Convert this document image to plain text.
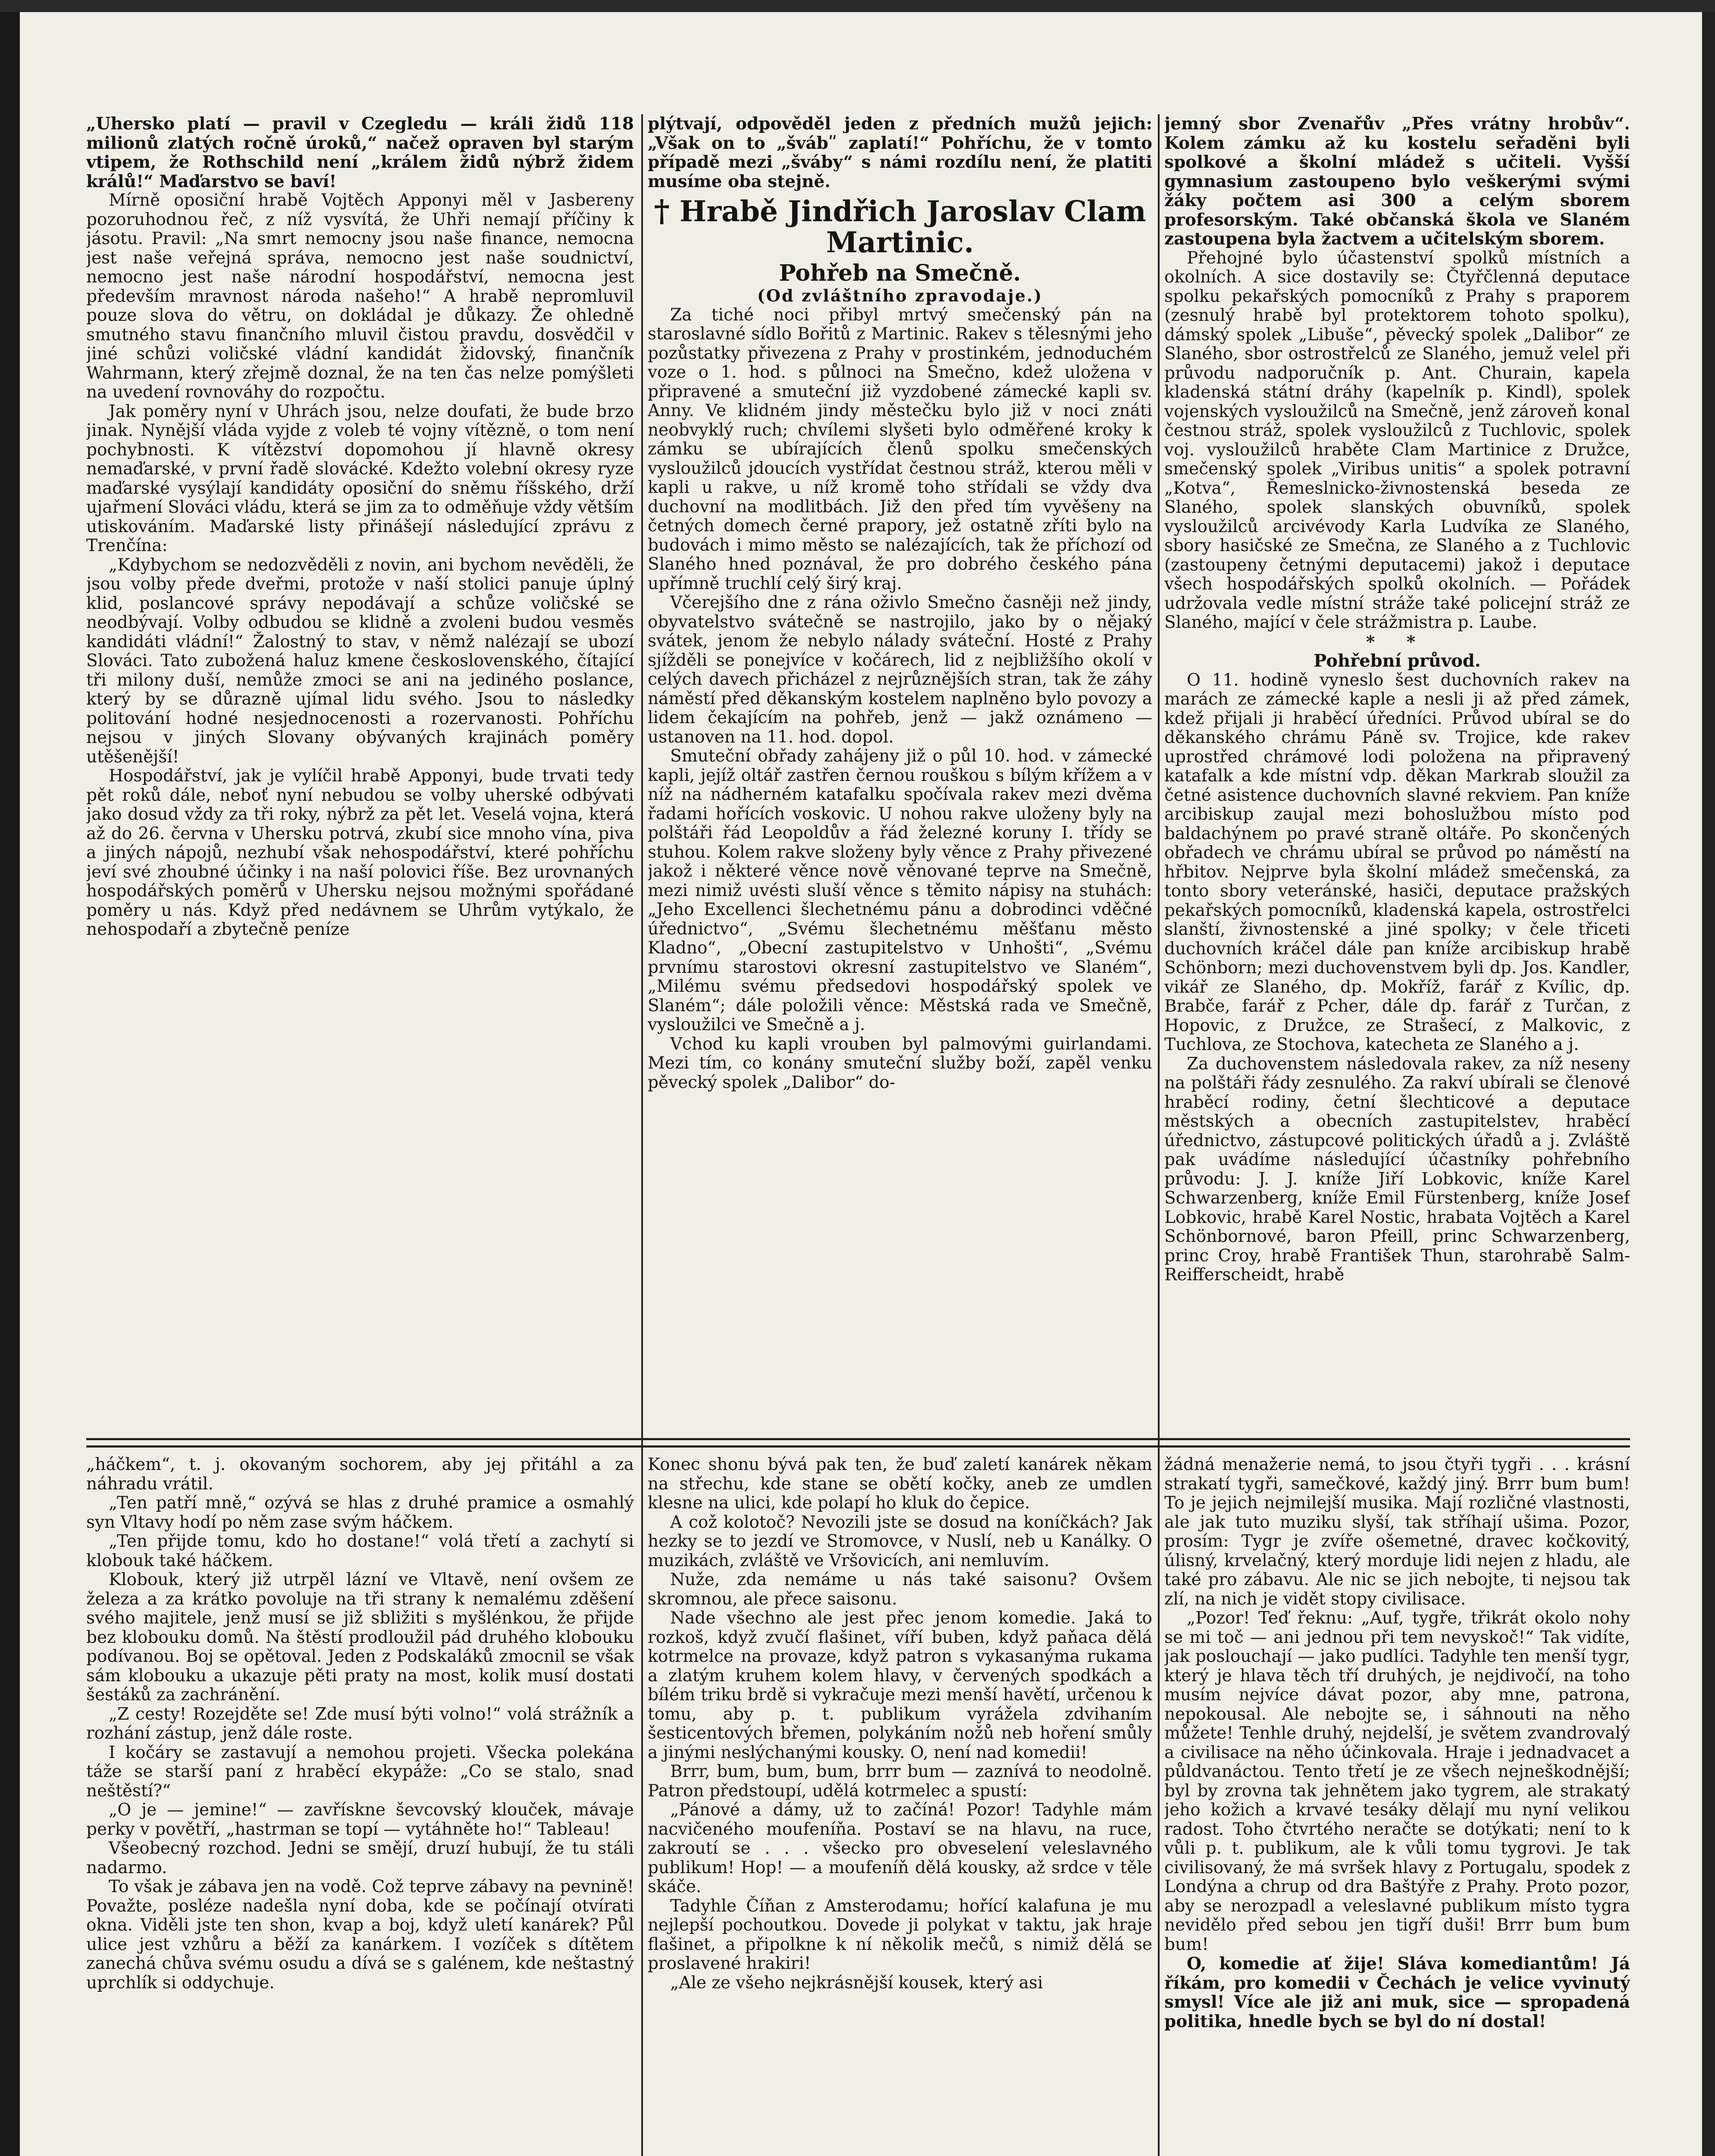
„Uhersko platí — pravil v Czegledu — králi židů 118 milionů zlatých ročně úroků,“ načež opraven byl starým vtipem, že Rothschild není „králem židů nýbrž židem králů!“ Maďarstvo se baví!

Mírně oposiční hrabě Vojtěch Apponyi měl v Jasbereny pozoruhodnou řeč, z níž vysvítá, že Uhři nemají příčiny k jásotu. Pravil: „Na smrt nemocny jsou naše finance, nemocna jest naše veřejná správa, nemocno jest naše soudnictví, nemocno jest naše národní hospodářství, nemocna jest především mravnost národa našeho!“ A hrabě nepromluvil pouze slova do větru, on dokládal je důkazy. Že ohledně smutného stavu finančního mluvil čistou pravdu, dosvědčil v jiné schůzi voličské vládní kandidát židovský, finančník Wahrmann, který zřejmě doznal, že na ten čas nelze pomýšleti na uvedení rovnováhy do rozpočtu.

Jak poměry nyní v Uhrách jsou, nelze doufati, že bude brzo jinak. Nynější vláda vyjde z voleb té vojny vítězně, o tom není pochybnosti. K vítězství dopomohou jí hlavně okresy nemaďarské, v první řadě slovácké. Kdežto volební okresy ryze maďarské vysýlají kandidáty oposiční do sněmu říšského, drží ujařmení Slováci vládu, která se jim za to odměňuje vždy větším utiskováním. Maďarské listy přinášejí následující zprávu z Trenčína:

„Kdybychom se nedozvěděli z novin, ani bychom nevěděli, že jsou volby přede dveřmi, protože v naší stolici panuje úplný klid, poslancové správy nepodávají a schůze voličské se neodbývají. Volby odbudou se klidně a zvoleni budou vesměs kandidáti vládní!“ Žalostný to stav, v němž nalézají se ubozí Slováci. Tato zubožená haluz kmene československého, čítající tři milony duší, nemůže zmoci se ani na jediného poslance, který by se důrazně ujímal lidu svého. Jsou to následky politování hodné nesjednocenosti a rozervanosti. Pohříchu nejsou v jiných Slovany obývaných krajinách poměry utěšenější!

Hospodářství, jak je vylíčil hrabě Apponyi, bude trvati tedy pět roků dále, neboť nyní nebudou se volby uherské odbývati jako dosud vždy za tři roky, nýbrž za pět let. Veselá vojna, která až do 26. června v Uhersku potrvá, zkubí sice mnoho vína, piva a jiných nápojů, nezhubí však nehospodářství, které pohříchu jeví své zhoubné účinky i na naší polovici říše. Bez urovnaných hospodářských poměrů v Uhersku nejsou možnými spořádané poměry u nás. Když před nedávnem se Uhrům vytýkalo, že nehospodaří a zbytečně peníze

plýtvají, odpověděl jeden z předních mužů jejich: „Však on to „švábʺ zaplatí!“ Pohříchu, že v tomto případě mezi „šváby“ s námi rozdílu není, že platiti musíme oba stejně.

† Hrabě Jindřich Jaroslav Clam Martinic.

Pohřeb na Smečně.

(Od zvláštního zpravodaje.)

Za tiché noci přibyl mrtvý smečenský pán na staroslavné sídlo Bořitů z Martinic. Rakev s tělesnými jeho pozůstatky přivezena z Prahy v prostinkém, jednoduchém voze o 1. hod. s půlnoci na Smečno, kdež uložena v připravené a smuteční již vyzdobené zámecké kapli sv. Anny. Ve klidném jindy městečku bylo již v noci znáti neobvyklý ruch; chvílemi slyšeti bylo odměřené kroky k zámku se ubírajících členů spolku smečenských vysloužilců jdoucích vystřídat čestnou stráž, kterou měli v kapli u rakve, u níž kromě toho střídali se vždy dva duchovní na modlitbách. Již den před tím vyvěšeny na četných domech černé prapory, jež ostatně zříti bylo na budovách i mimo město se nalézajících, tak že příchozí od Slaného hned poznával, že pro dobrého českého pána upřímně truchlí celý širý kraj.

Včerejšího dne z rána oživlo Smečno časněji než jindy, obyvatelstvo svátečně se nastrojilo, jako by o nějaký svátek, jenom že nebylo nálady sváteční. Hosté z Prahy sjížděli se ponejvíce v kočárech, lid z nejbližšího okolí v celých davech přicházel z nejrůznějších stran, tak že záhy náměstí před děkanským kostelem naplněno bylo povozy a lidem čekajícím na pohřeb, jenž — jakž oznámeno — ustanoven na 11. hod. dopol.

Smuteční obřady zahájeny již o půl 10. hod. v zámecké kapli, jejíž oltář zastřen černou rouškou s bílým křížem a v níž na nádherném katafalku spočívala rakev mezi dvěma řadami hořících voskovic. U nohou rakve uloženy byly na polštáři řád Leopoldův a řád železné koruny I. třídy se stuhou. Kolem rakve složeny byly věnce z Prahy přivezené jakož i některé věnce nově věnované teprve na Smečně, mezi nimiž uvésti sluší věnce s těmito nápisy na stuhách: „Jeho Excellenci šlechetnému pánu a dobrodinci vděčné úřednictvo“, „Svému šlechetnému měšťanu město Kladno“, „Obecní zastupitelstvo v Unhošti“, „Svému prvnímu starostovi okresní zastupitelstvo ve Slaném“, „Milému svému předsedovi hospodářský spolek ve Slaném“; dále položili věnce: Městská rada ve Smečně, vysloužilci ve Smečně a j.

Vchod ku kapli vrouben byl palmovými guirlandami. Mezi tím, co konány smuteční služby boží, zapěl venku pěvecký spolek „Dalibor“ do-

jemný sbor Zvenařův „Přes vrátny hrobův“. Kolem zámku až ku kostelu seřaděni byli spolkové a školní mládež s učiteli. Vyšší gymnasium zastoupeno bylo veškerými svými žáky počtem asi 300 a celým sborem profesorským. Také občanská škola ve Slaném zastoupena byla žactvem a učitelským sborem.

Přehojné bylo účastenství spolků místních a okolních. A sice dostavily se: Čtyřčlenná deputace spolku pekařských pomocníků z Prahy s praporem (zesnulý hrabě byl protektorem tohoto spolku), dámský spolek „Libuše“, pěvecký spolek „Dalibor“ ze Slaného, sbor ostrostřelců ze Slaného, jemuž velel při průvodu nadporučník p. Ant. Churain, kapela kladenská státní dráhy (kapelník p. Kindl), spolek vojenských vysloužilců na Smečně, jenž zároveň konal čestnou stráž, spolek vysloužilců z Tuchlovic, spolek voj. vysloužilců hraběte Clam Martinice z Družce, smečenský spolek „Viribus unitis“ a spolek potravní „Kotva“, Řemeslnicko-živnostenská beseda ze Slaného, spolek slanských obuvníků, spolek vysloužilců arcivévody Karla Ludvíka ze Slaného, sbory hasičské ze Smečna, ze Slaného a z Tuchlovic (zastoupeny četnými deputacemi) jakož i deputace všech hospodářských spolků okolních. — Pořádek udržovala vedle místní stráže také policejní stráž ze Slaného, mající v čele strážmistra p. Laube.

* *

Pohřební průvod.

O 11. hodině vyneslo šest duchovních rakev na marách ze zámecké kaple a nesli ji až před zámek, kdež přijali ji hraběcí úředníci. Průvod ubíral se do děkanského chrámu Páně sv. Trojice, kde rakev uprostřed chrámové lodi položena na připravený katafalk a kde místní vdp. děkan Markrab sloužil za četné asistence duchovních slavné rekviem. Pan kníže arcibiskup zaujal mezi bohoslužbou místo pod baldachýnem po pravé straně oltáře. Po skončených obřadech ve chrámu ubíral se průvod po náměstí na hřbitov. Nejprve byla školní mládež smečenská, za tonto sbory veteránské, hasiči, deputace pražských pekařských pomocníků, kladenská kapela, ostrostřelci slanští, živnostenské a jiné spolky; v čele třiceti duchovních kráčel dále pan kníže arcibiskup hrabě Schönborn; mezi duchovenstvem byli dp. Jos. Kandler, vikář ze Slaného, dp. Mokříž, farář z Kvílic, dp. Brabče, farář z Pcher, dále dp. farář z Turčan, z Hopovic, z Družce, ze Strašecí, z Malkovic, z Tuchlova, ze Stochova, katecheta ze Slaného a j.

Za duchovenstem následovala rakev, za níž neseny na polštáři řády zesnulého. Za rakví ubírali se členové hraběcí rodiny, četní šlechticové a deputace městských a obecních zastupitelstev, hraběcí úřednictvo, zástupcové politických úřadů a j. Zvláště pak uvádíme následující účastníky pohřebního průvodu: J. J. kníže Jiří Lobkovic, kníže Karel Schwarzenberg, kníže Emil Fürstenberg, kníže Josef Lobkovic, hrabě Karel Nostic, hrabata Vojtěch a Karel Schönbornové, baron Pfeill, princ Schwarzenberg, princ Croy, hrabě František Thun, starohrabě Salm-Reifferscheidt, hrabě

„háčkem“, t. j. okovaným sochorem, aby jej přitáhl a za náhradu vrátil.

„Ten patří mně,“ ozývá se hlas z druhé pramice a osmahlý syn Vltavy hodí po něm zase svým háčkem.

„Ten přijde tomu, kdo ho dostane!“ volá třetí a zachytí si klobouk také háčkem.

Klobouk, který již utrpěl lázní ve Vltavě, není ovšem ze železa a za krátko povoluje na tři strany k nemalému zděšení svého majitele, jenž musí se již sbližiti s myšlénkou, že přijde bez klobouku domů. Na štěstí prodloužil pád druhého klobouku podívanou. Boj se opětoval. Jeden z Podskaláků zmocnil se však sám klobouku a ukazuje pěti praty na most, kolik musí dostati šestáků za zachránění.

„Z cesty! Rozejděte se! Zde musí býti volno!“ volá strážník a rozhání zástup, jenž dále roste.

I kočáry se zastavují a nemohou projeti. Všecka polekána táže se starší paní z hraběcí ekypáže: „Co se stalo, snad neštěstí?“

„O je — jemine!“ — zavřískne ševcovský klouček, mávaje perky v povětří, „hastrman se topí — vytáhněte ho!“ Tableau!

Všeobecný rozchod. Jedni se smějí, druzí hubují, že tu stáli nadarmo.

To však je zábava jen na vodě. Což teprve zábavy na pevnině! Považte, posléze nadešla nyní doba, kde se počínají otvírati okna. Viděli jste ten shon, kvap a boj, když uletí kanárek? Půl ulice jest vzhůru a běží za kanárkem. I vozíček s dítětem zanechá chůva svému osudu a dívá se s galénem, kde neštastný uprchlík si oddychuje.

Konec shonu bývá pak ten, že buď zaletí kanárek někam na střechu, kde stane se obětí kočky, aneb ze umdlen klesne na ulici, kde polapí ho kluk do čepice.

A což kolotoč? Nevozili jste se dosud na koníčkách? Jak hezky se to jezdí ve Stromovce, v Nuslí, neb u Kanálky. O muzikách, zvláště ve Vršovicích, ani nemluvím.

Nuže, zda nemáme u nás také saisonu? Ovšem skromnou, ale přece saisonu.

Nade všechno ale jest přec jenom komedie. Jaká to rozkoš, když zvučí flašinet, víří buben, když paňaca dělá kotrmelce na provaze, když patron s vykasanýma rukama a zlatým kruhem kolem hlavy, v červených spodkách a bílém triku brdě si vykračuje mezi menší havětí, určenou k tomu, aby p. t. publikum vyrážela zdvihaním šesticentových břemen, polykáním nožů neb hoření smůly a jinými neslýchanými kousky. O, není nad komedii!

Brrr, bum, bum, bum, brrr bum — zaznívá to neodolně. Patron předstoupí, udělá kotrmelec a spustí:

„Pánové a dámy, už to začíná! Pozor! Tadyhle mám nacvičeného moufeníňa. Postaví se na hlavu, na ruce, zakroutí se . . . všecko pro obveselení veleslavného publikum! Hop! — a moufeníň dělá kousky, až srdce v těle skáče.

Tadyhle Číňan z Amsterodamu; hořící kalafuna je mu nejlepší pochoutkou. Dovede ji polykat v taktu, jak hraje flašinet, a připolkne k ní několik mečů, s nimiž dělá se proslavené hrakiri!

„Ale ze všeho nejkrásnější kousek, který asi

žádná menažerie nemá, to jsou čtyři tygři . . . krásní strakatí tygři, samečkové, každý jiný. Brrr bum bum! To je jejich nejmilejší musika. Mají rozličné vlastnosti, ale jak tuto muziku slyší, tak stříhají ušima. Pozor, prosím: Tygr je zvíře ošemetné, dravec kočkovitý, úlisný, krvelačný, který morduje lidi nejen z hladu, ale také pro zábavu. Ale nic se jich nebojte, ti nejsou tak zlí, na nich je vidět stopy civilisace.

„Pozor! Teď řeknu: „Auf, tygře, třikrát okolo nohy se mi toč — ani jednou při tem nevyskoč!“ Tak vidíte, jak poslouchají — jako pudlíci. Tadyhle ten menší tygr, který je hlava těch tří druhých, je nejdivočí, na toho musím nejvíce dávat pozor, aby mne, patrona, nepokousal. Ale nebojte se, i sáhnouti na něho můžete! Tenhle druhý, nejdelší, je světem zvandrovalý a civilisace na něho účinkovala. Hraje i jednadvacet a půldvanáctou. Tento třetí je ze všech nejneškodnější; byl by zrovna tak jehnětem jako tygrem, ale strakatý jeho kožich a krvavé tesáky dělají mu nyní velikou radost. Toho čtvrtého neračte se dotýkati; není to k vůli p. t. publikum, ale k vůli tomu tygrovi. Je tak civilisovaný, že má svršek hlavy z Portugalu, spodek z Londýna a chrup od dra Baštýře z Prahy. Proto pozor, aby se nerozpadl a veleslavné publikum místo tygra nevidělo před sebou jen tigří duši! Brrr bum bum bum!

O, komedie ať žije! Sláva komediantům! Já říkám, pro komedii v Čechách je velice vyvinutý smysl! Více ale již ani muk, sice — spropadená politika, hnedle bych se byl do ní dostal!
